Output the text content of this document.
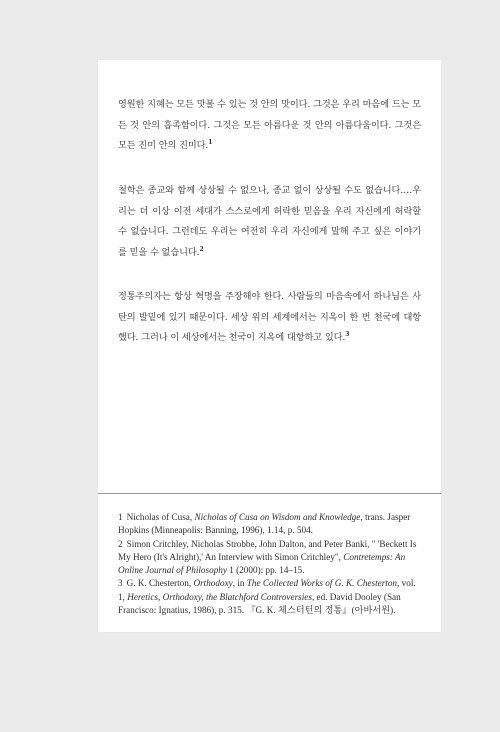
영원한 지혜는 모든 맛볼 수 있는 것 안의 맛이다. 그것은 우리 마음에 드는 모든 것 안의 흡족함이다. 그것은 모든 아름다운 것 안의 아름다움이다. 그것은 모든 진미 안의 진미다.$^1$

철학은 종교와 함께 상상될 수 없으나, 종교 없이 상상될 수도 없습니다.…우리는 더 이상 이전 세대가 스스로에게 허락한 믿음을 우리 자신에게 허락할 수 없습니다. 그런데도 우리는 여전히 우리 자신에게 말해 주고 싶은 이야기를 믿을 수 없습니다.$^2$

정통주의자는 항상 혁명을 주장해야 한다. 사람들의 마음속에서 하나님은 사탄의 발밑에 있기 때문이다. 세상 위의 세계에서는 지옥이 한 번 천국에 대항했다. 그러나 이 세상에서는 천국이 지옥에 대항하고 있다.$^3$

1 Nicholas of Cusa, Nicholas of Cusa on Wisdom and Knowledge, trans. Jasper Hopkins (Minneapolis: Banning, 1996), 1.14, p. 504.

2 Simon Critchley, Nicholas Strobbe, John Dalton, and Peter Banki, " 'Beckett Is My Hero (It's Alright),' An Interview with Simon Critchley", Contretemps: An Online Journal of Philosophy 1 (2000): pp. 14–15.

3 G. K. Chesterton, Orthodoxy, in The Collected Works of G. K. Chesterton, vol. 1, Heretics, Orthodoxy, the Blatchford Controversies, ed. David Dooley (San Francisco: Ignatius, 1986), p. 315. 『G. K. 체스터턴의 정통』(아바서원).
